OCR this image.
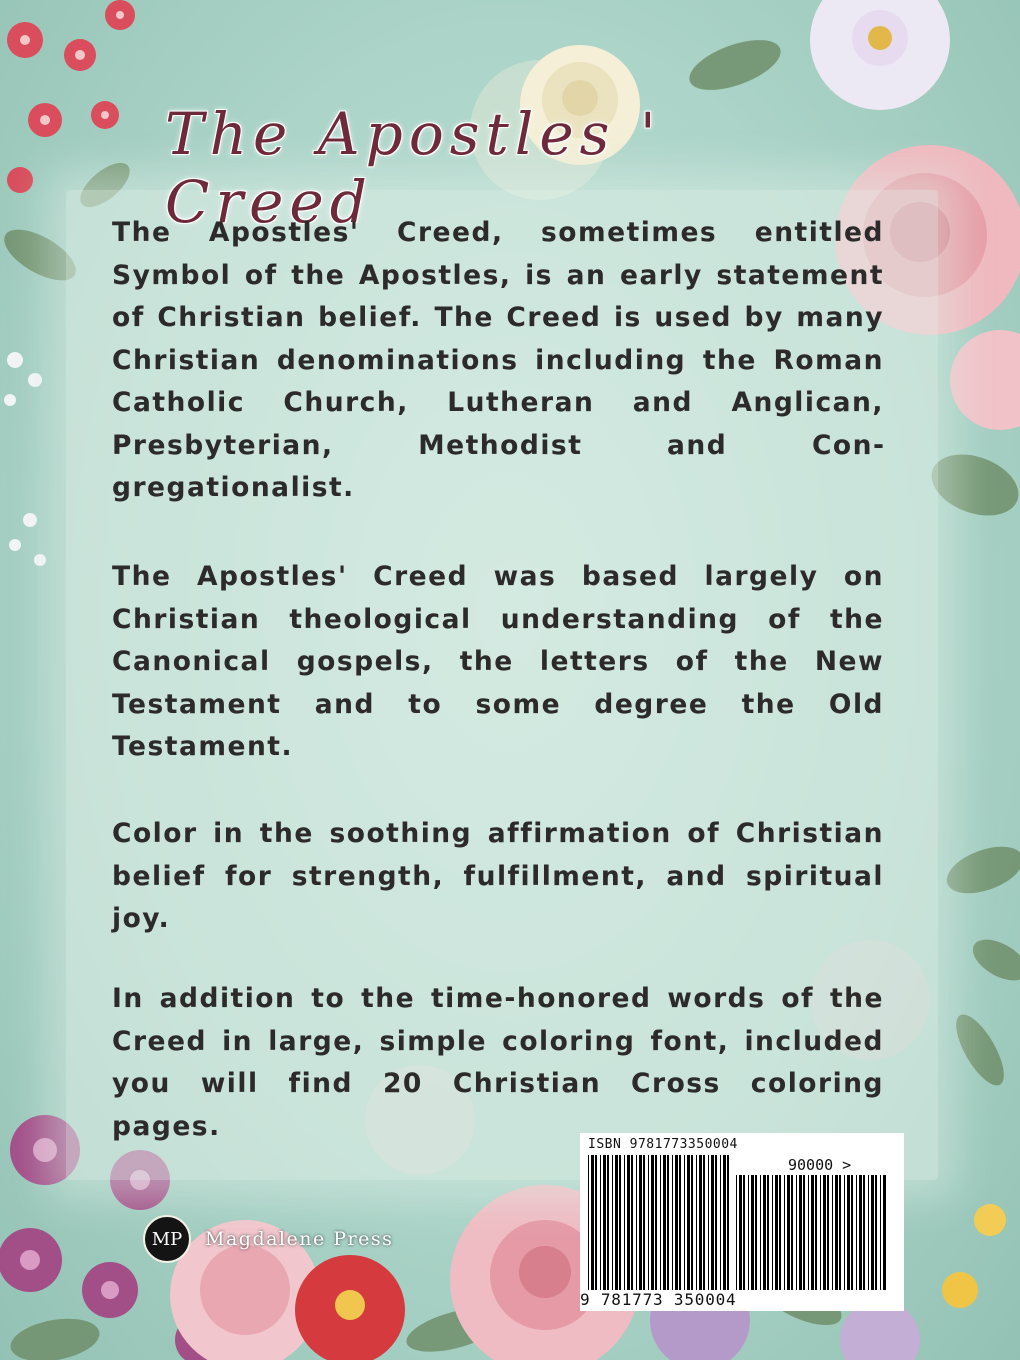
The Apostles ' Creed

The Apostles' Creed, sometimes entitled Symbol of the Apostles, is an early statement of Christian belief. The Creed is used by many Christian denominations including the Roman Catholic Church, Lutheran and Anglican, Presbyterian, Methodist and Congregationalist.

The Apostles' Creed was based largely on Christian theological understanding of the Canonical gospels, the letters of the New Testament and to some degree the Old Testament.

Color in the soothing affirmation of Christian belief for strength, fulfillment, and spiritual joy.

In addition to the time-honored words of the Creed in large, simple coloring font, included you will find 20 Christian Cross coloring pages.

MP	Magdalene Press
ISBN 9781773350004
90000 >
9 781773 350004
